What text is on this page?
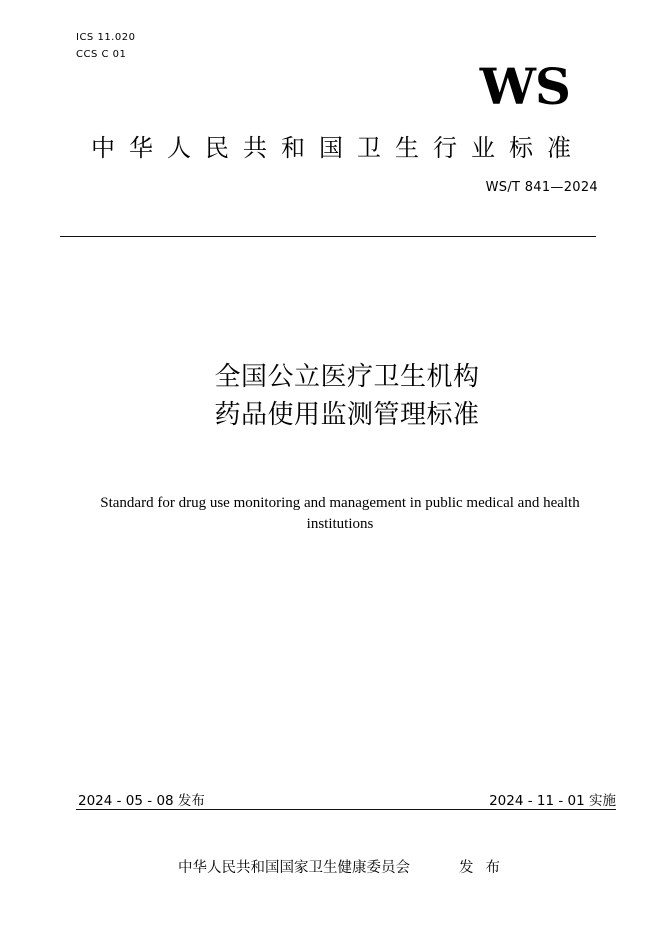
ICS 11.020
CCS C 01
WS
中华人民共和国卫生行业标准
WS/T 841—2024
全国公立医疗卫生机构
药品使用监测管理标准
Standard for drug use monitoring and management in public medical and health
institutions
2024 - 05 - 08 发布	2024 - 11 - 01 实施
中华人民共和国国家卫生健康委员会	发布
